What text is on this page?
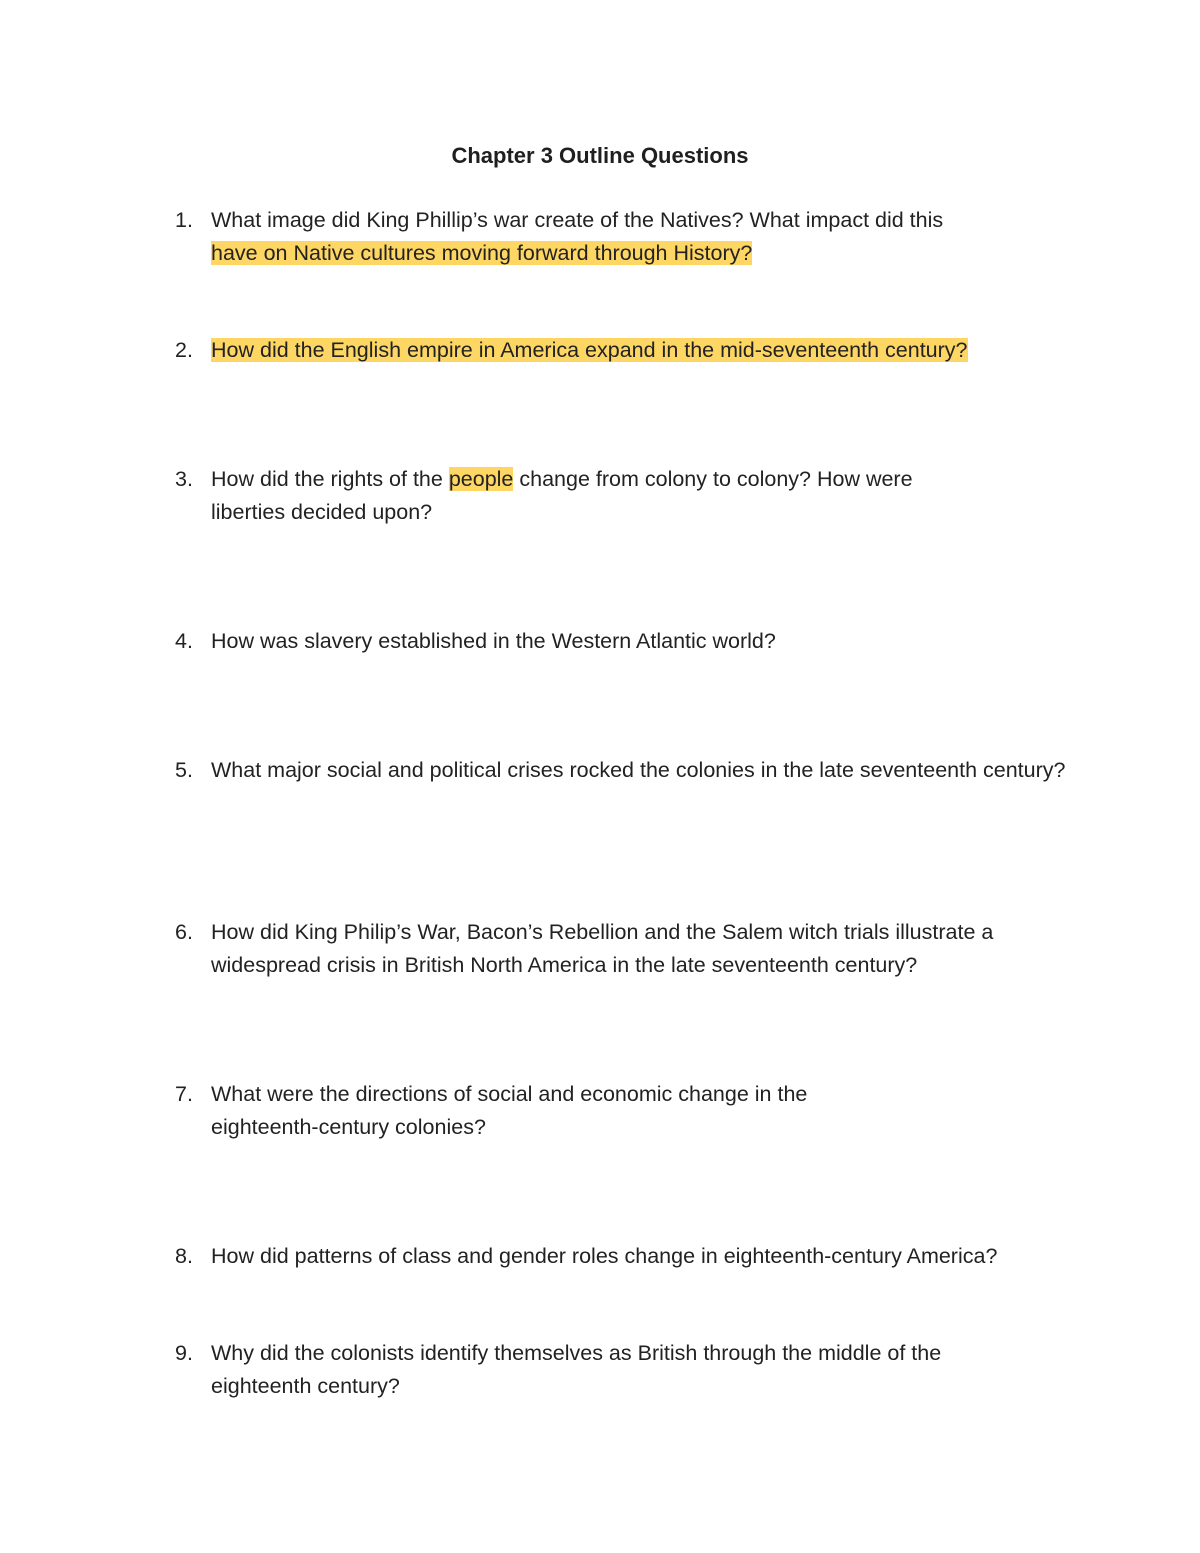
Chapter 3 Outline Questions
1. What image did King Phillip’s war create of the Natives? What impact did this
have on Native cultures moving forward through History?
2. How did the English empire in America expand in the mid-seventeenth century?
3. How did the rights of the people change from colony to colony? How were
liberties decided upon?
4. How was slavery established in the Western Atlantic world?
5. What major social and political crises rocked the colonies in the late seventeenth century?
6. How did King Philip’s War, Bacon’s Rebellion and the Salem witch trials illustrate a widespread crisis in British North America in the late seventeenth century?
7. What were the directions of social and economic change in the eighteenth-century colonies?
8. How did patterns of class and gender roles change in eighteenth-century America?
9. Why did the colonists identify themselves as British through the middle of the eighteenth century?
